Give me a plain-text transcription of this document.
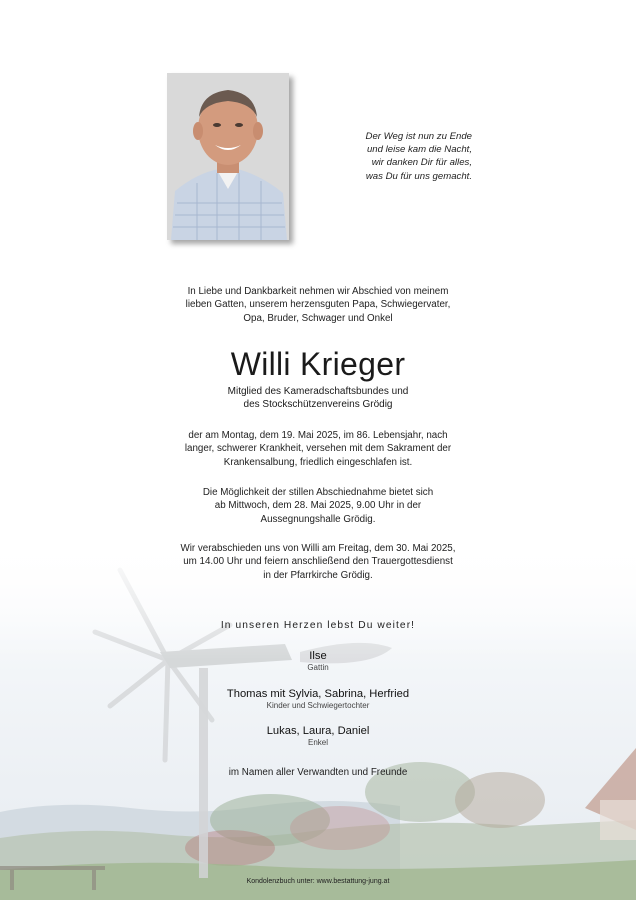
Der Weg ist nun zu Ende
und leise kam die Nacht,
wir danken Dir für alles,
was Du für uns gemacht.

In Liebe und Dankbarkeit nehmen wir Abschied von meinem

lieben Gatten, unserem herzensguten Papa, Schwiegervater,

Opa, Bruder, Schwager und Onkel

Willi Krieger

Mitglied des Kameradschaftsbundes und

des Stockschützenvereins Grödig

der am Montag, dem 19. Mai 2025, im 86. Lebensjahr, nach

langer, schwerer Krankheit, versehen mit dem Sakrament der

Krankensalbung, friedlich eingeschlafen ist.

Die Möglichkeit der stillen Abschiednahme bietet sich

ab Mittwoch, dem 28. Mai 2025, 9.00 Uhr in der

Aussegnungshalle Grödig.

Wir verabschieden uns von Willi am Freitag, dem 30. Mai 2025,

um 14.00 Uhr und feiern anschließend den Trauergottesdienst

in der Pfarrkirche Grödig.

In unseren Herzen lebst Du weiter!

Ilse

Gattin

Thomas mit Sylvia, Sabrina, Herfried

Kinder und Schwiegertochter

Lukas, Laura, Daniel

Enkel

im Namen aller Verwandten und Freunde

Kondolenzbuch unter: www.bestattung-jung.at
